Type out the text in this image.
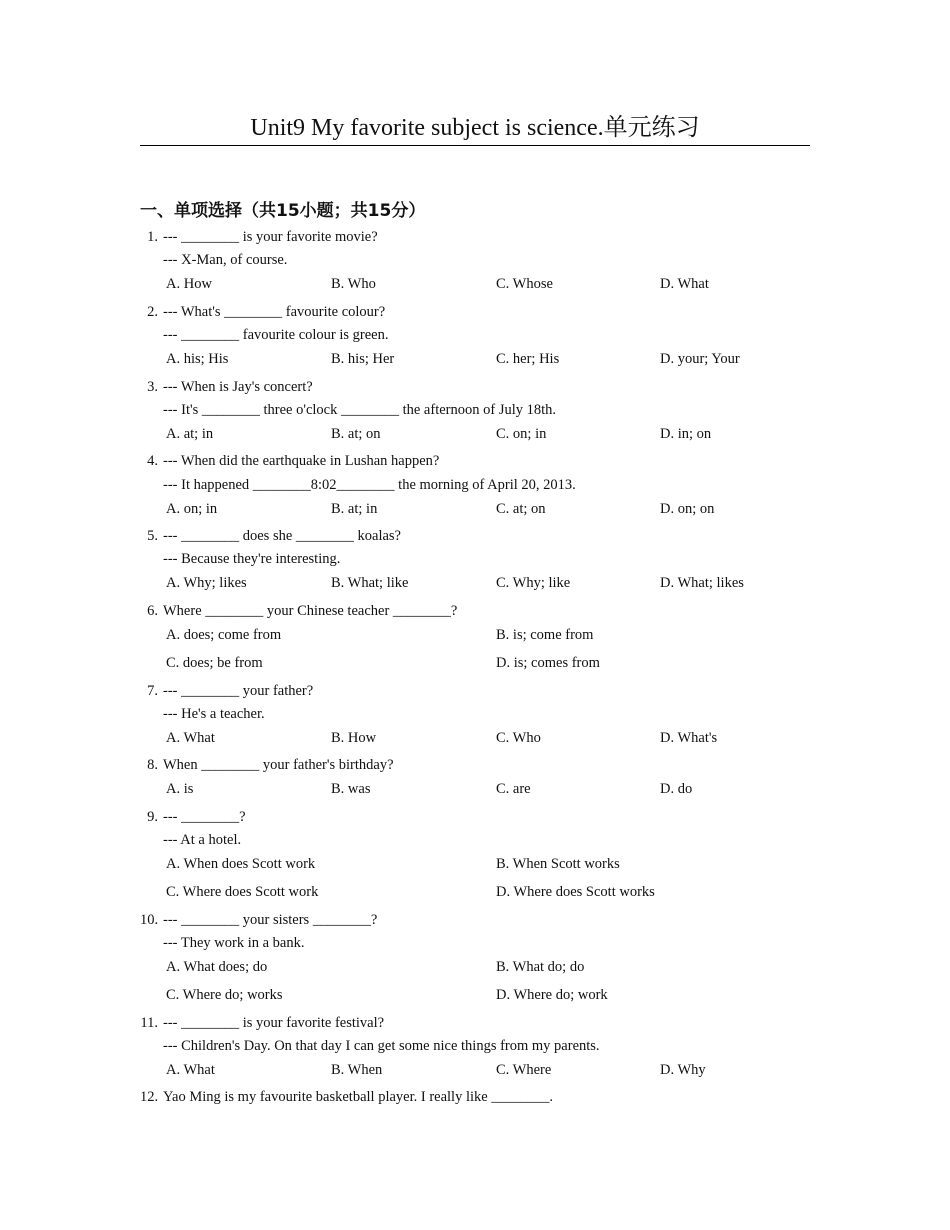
Unit9 My favorite subject is science.单元练习
一、单项选择（共15小题；共15分）
1. --- ________ is your favorite movie?
--- X-Man, of course.
A. How	B. Who	C. Whose	D. What
2. --- What's ________ favourite colour?
--- ________ favourite colour is green.
A. his; His	B. his; Her	C. her; His	D. your; Your
3. --- When is Jay's concert?
--- It's ________ three o'clock ________ the afternoon of July 18th.
A. at; in	B. at; on	C. on; in	D. in; on
4. --- When did the earthquake in Lushan happen?
--- It happened ________8:02________ the morning of April 20, 2013.
A. on; in	B. at; in	C. at; on	D. on; on
5. --- ________ does she ________ koalas?
--- Because they're interesting.
A. Why; likes	B. What; like	C. Why; like	D. What; likes
6. Where ________ your Chinese teacher ________?
A. does; come from	B. is; come from
C. does; be from	D. is; comes from
7. --- ________ your father?
--- He's a teacher.
A. What	B. How	C. Who	D. What's
8. When ________ your father's birthday?
A. is	B. was	C. are	D. do
9. --- ________?
--- At a hotel.
A. When does Scott work	B. When Scott works
C. Where does Scott work	D. Where does Scott works
10. --- ________ your sisters ________?
--- They work in a bank.
A. What does; do	B. What do; do
C. Where do; works	D. Where do; work
11. --- ________ is your favorite festival?
--- Children's Day. On that day I can get some nice things from my parents.
A. What	B. When	C. Where	D. Why
12. Yao Ming is my favourite basketball player. I really like ________.
